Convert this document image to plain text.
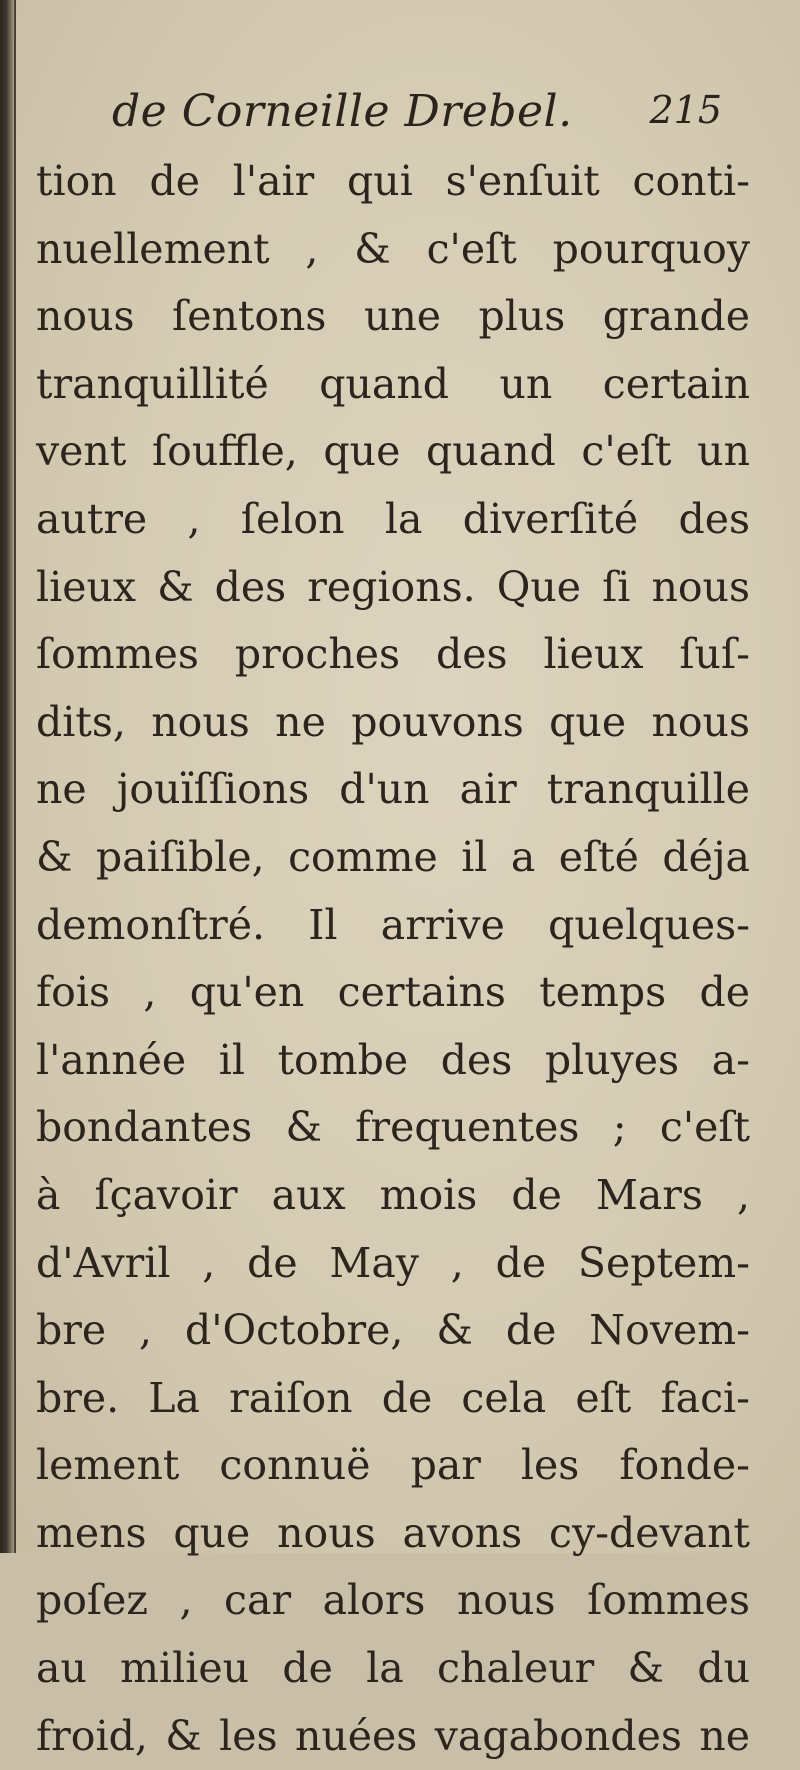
de Corneille Drebel. 215
tion de l'air qui s'enſuit conti-
nuellement , & c'eſt pourquoy
nous ſentons une plus grande
tranquillité quand un certain
vent ſouffle, que quand c'eſt un
autre , ſelon la diverſité des
lieux & des regions. Que ſi nous
ſommes proches des lieux ſuſ-
dits, nous ne pouvons que nous
ne jouïſſions d'un air tranquille
& paiſible, comme il a eſté déja
demonſtré. Il arrive quelques-
fois , qu'en certains temps de
l'année il tombe des pluyes a-
bondantes & frequentes ; c'eſt
à ſçavoir aux mois de Mars ,
d'Avril , de May , de Septem-
bre , d'Octobre, & de Novem-
bre. La raiſon de cela eſt faci-
lement connuë par les fonde-
mens que nous avons cy-devant
poſez , car alors nous ſommes
au milieu de la chaleur & du
froid, & les nuées vagabondes ne
